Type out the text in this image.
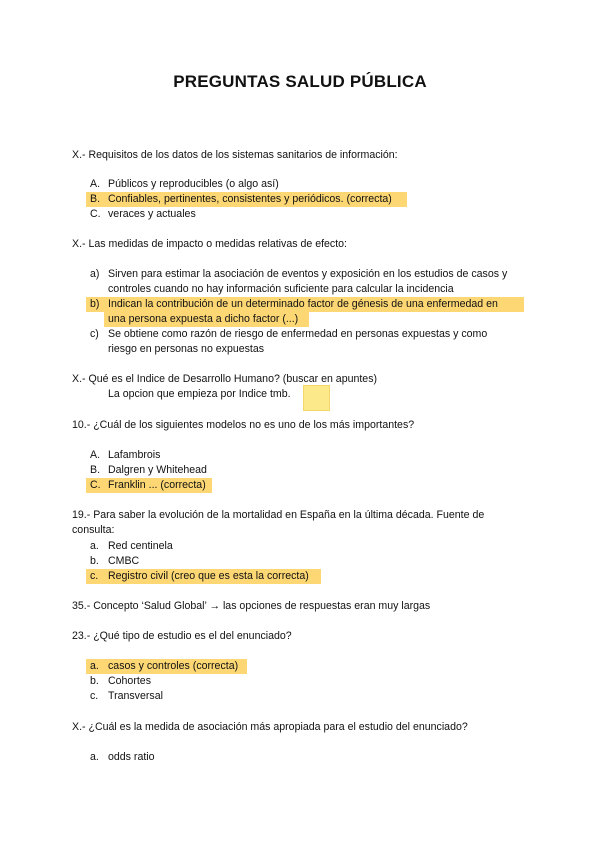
PREGUNTAS SALUD PÚBLICA
X.- Requisitos de los datos de los sistemas sanitarios de información:
A. Públicos y reproducibles (o algo así)
B. Confiables, pertinentes, consistentes y periódicos. (correcta)
C. veraces y actuales
X.- Las medidas de impacto o medidas relativas de efecto:
a) Sirven para estimar la asociación de eventos y exposición en los estudios de casos y
controles cuando no hay información suficiente para calcular la incidencia
b) Indican la contribución de un determinado factor de génesis de una enfermedad en
una persona expuesta a dicho factor (...)
c) Se obtiene como razón de riesgo de enfermedad en personas expuestas y como
riesgo en personas no expuestas
X.- Qué es el Indice de Desarrollo Humano? (buscar en apuntes)
La opcion que empieza por Indice tmb.
10.- ¿Cuál de los siguientes modelos no es uno de los más importantes?
A. Lafambrois
B. Dalgren y Whitehead
C. Franklin ... (correcta)
19.- Para saber la evolución de la mortalidad en España en la última década. Fuente de
consulta:
a. Red centinela
b. CMBC
c. Registro civil (creo que es esta la correcta)
35.- Concepto ‘Salud Global’ → las opciones de respuestas eran muy largas
23.- ¿Qué tipo de estudio es el del enunciado?
a. casos y controles (correcta)
b. Cohortes
c. Transversal
X.- ¿Cuál es la medida de asociación más apropiada para el estudio del enunciado?
a. odds ratio
